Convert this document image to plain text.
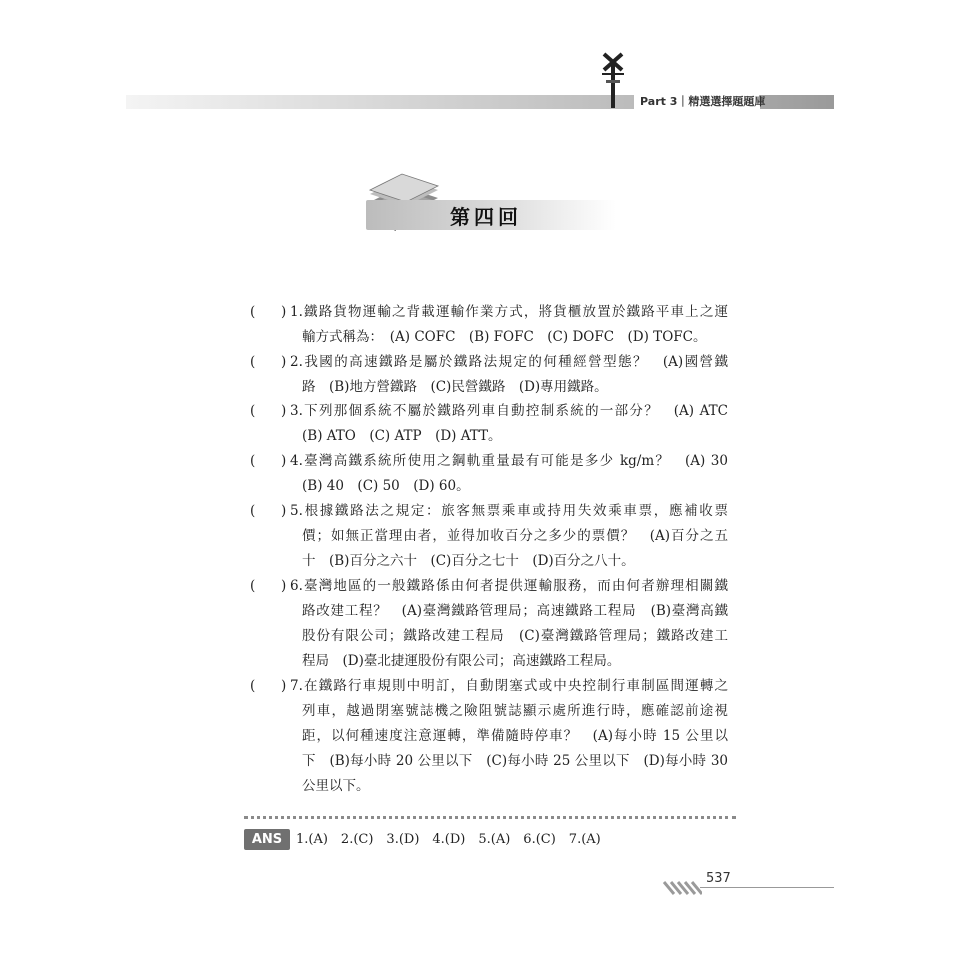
Part 3｜精選選擇題題庫
第四回
(      ) 1.鐵路貨物運輸之背載運輸作業方式，將貨櫃放置於鐵路平車上之運
輸方式稱為：　(A) COFC　(B) FOFC　(C) DOFC　(D) TOFC。
(      ) 2.我國的高速鐵路是屬於鐵路法規定的何種經營型態？　(A)國營鐵
路　(B)地方營鐵路　(C)民營鐵路　(D)專用鐵路。
(      ) 3.下列那個系統不屬於鐵路列車自動控制系統的一部分？　(A) ATC
(B) ATO　(C) ATP　(D) ATT。
(      ) 4.臺灣高鐵系統所使用之鋼軌重量最有可能是多少 kg/m？　(A) 30
(B) 40　(C) 50　(D) 60。
(      ) 5.根據鐵路法之規定：旅客無票乘車或持用失效乘車票，應補收票
價；如無正當理由者，並得加收百分之多少的票價？　(A)百分之五
十　(B)百分之六十　(C)百分之七十　(D)百分之八十。
(      ) 6.臺灣地區的一般鐵路係由何者提供運輸服務，而由何者辦理相關鐵
路改建工程？　(A)臺灣鐵路管理局；高速鐵路工程局　(B)臺灣高鐵
股份有限公司；鐵路改建工程局　(C)臺灣鐵路管理局；鐵路改建工
程局　(D)臺北捷運股份有限公司；高速鐵路工程局。
(      ) 7.在鐵路行車規則中明訂，自動閉塞式或中央控制行車制區間運轉之
列車，越過閉塞號誌機之險阻號誌顯示處所進行時，應確認前途視
距，以何種速度注意運轉，準備隨時停車？　(A)每小時 15 公里以
下　(B)每小時 20 公里以下　(C)每小時 25 公里以下　(D)每小時 30
公里以下。
ANS	1.(A)　2.(C)　3.(D)　4.(D)　5.(A)　6.(C)　7.(A)
537
